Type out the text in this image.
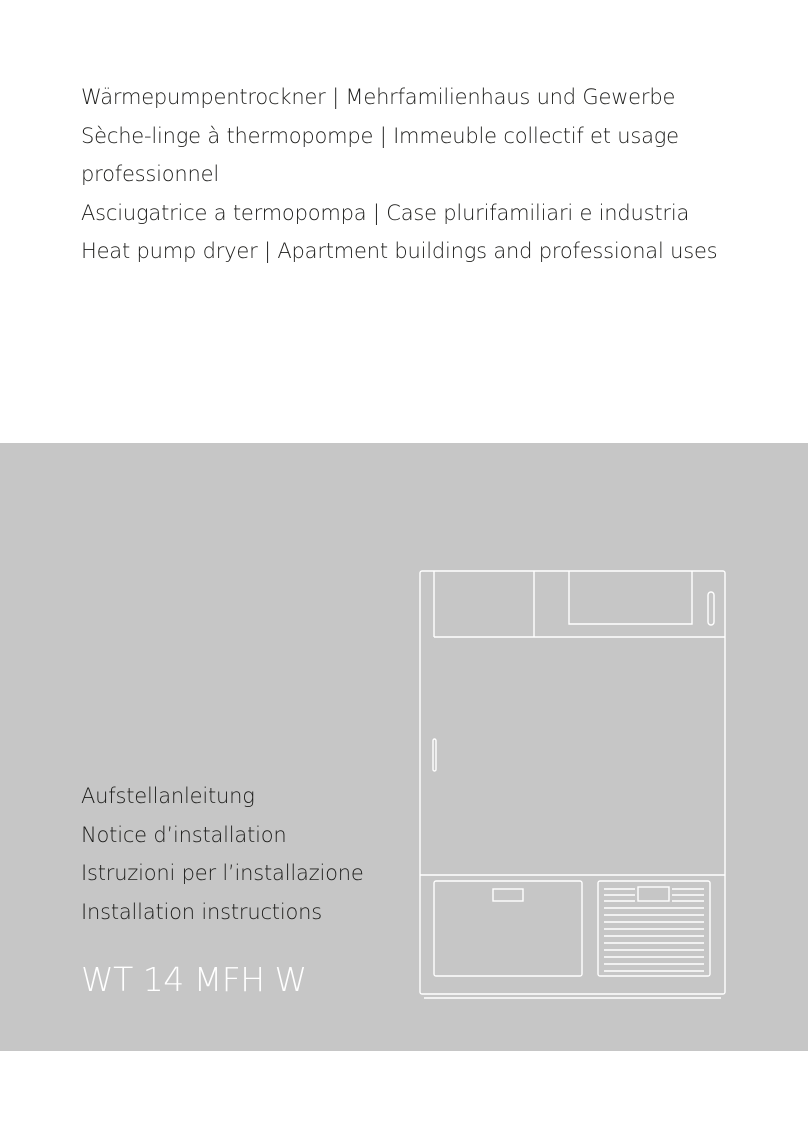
Wärmepumpentrockner | Mehrfamilienhaus und Gewerbe
Sèche-linge à thermopompe | Immeuble collectif et usage
professionnel
Asciugatrice a termopompa | Case plurifamiliari e industria
Heat pump dryer | Apartment buildings and professional uses
Aufstellanleitung
Notice d’installation
Istruzioni per l’installazione
Installation instructions

WT 14 MFH W
